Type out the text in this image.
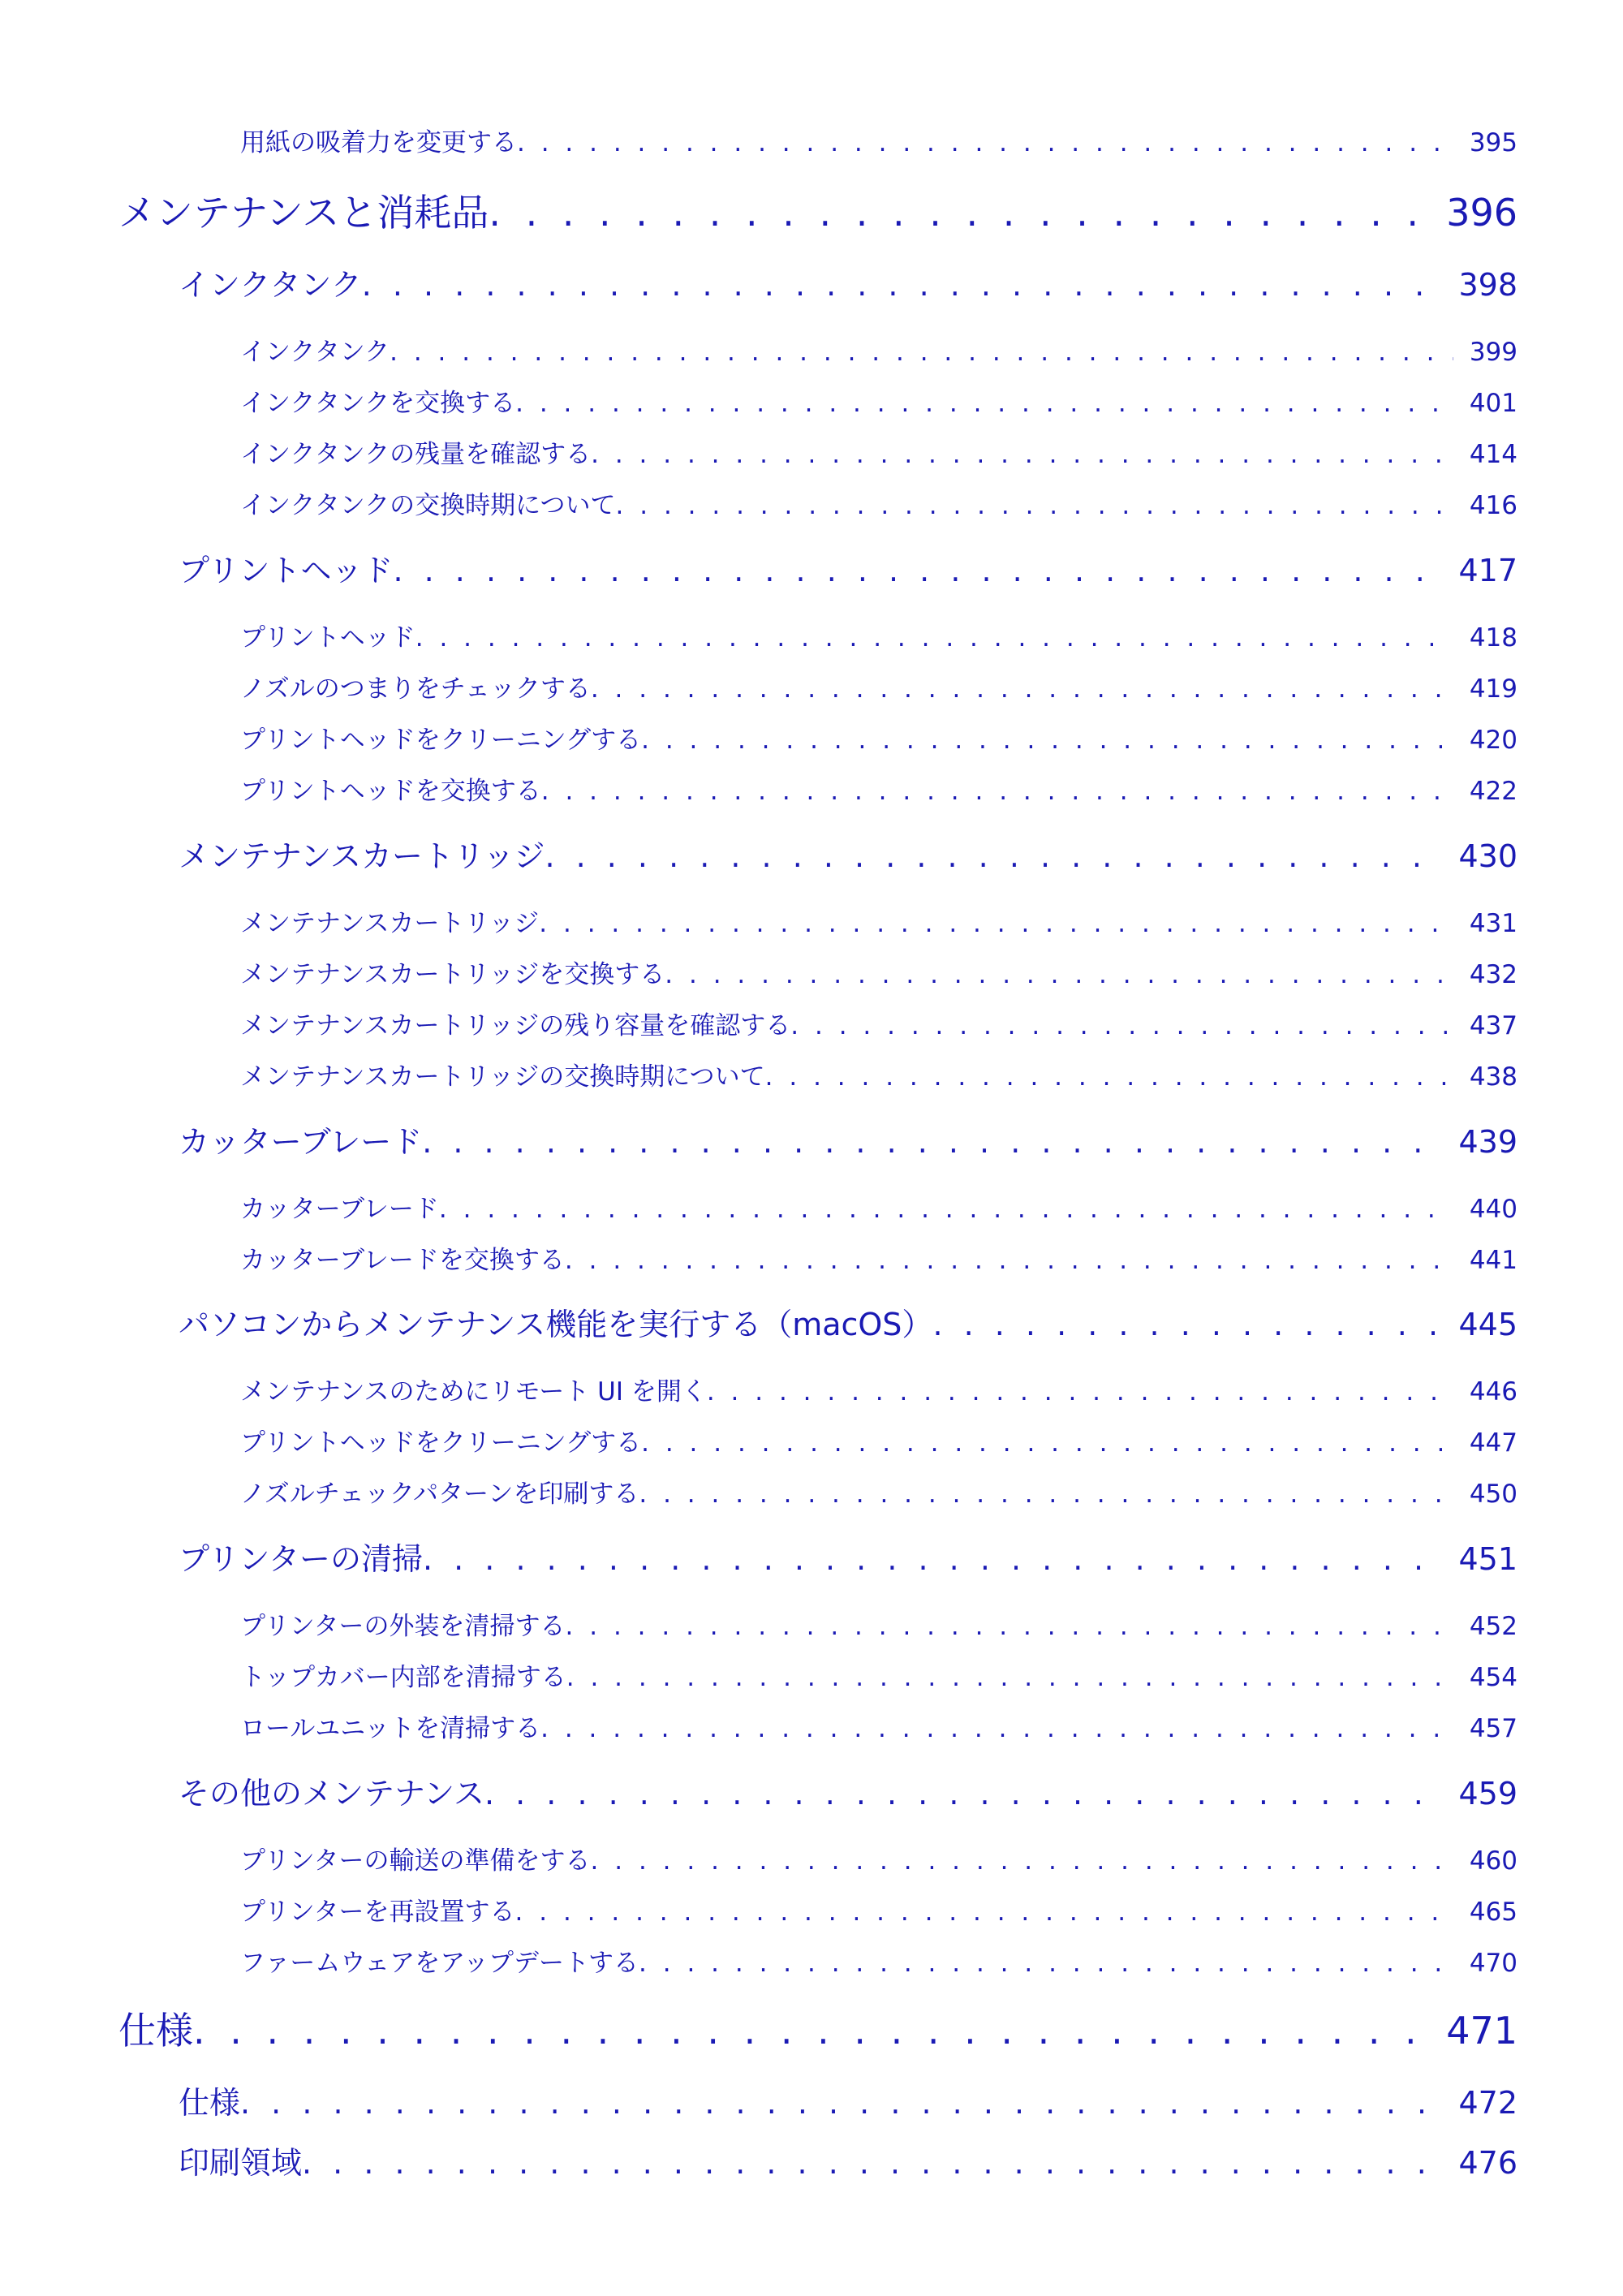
用紙の吸着力を変更する . . .	395
メンテナンスと消耗品 . . .	396
インクタンク . . .	398
インクタンク . . .	399
インクタンクを交換する . . .	401
インクタンクの残量を確認する . . .	414
インクタンクの交換時期について . . .	416
プリントヘッド . . .	417
プリントヘッド . . .	418
ノズルのつまりをチェックする . . .	419
プリントヘッドをクリーニングする . . .	420
プリントヘッドを交換する . . .	422
メンテナンスカートリッジ . . .	430
メンテナンスカートリッジ . . .	431
メンテナンスカートリッジを交換する . . .	432
メンテナンスカートリッジの残り容量を確認する . . .	437
メンテナンスカートリッジの交換時期について . . .	438
カッターブレード . . .	439
カッターブレード . . .	440
カッターブレードを交換する . . .	441
パソコンからメンテナンス機能を実行する（macOS） . . .	445
メンテナンスのためにリモート UI を開く . . .	446
プリントヘッドをクリーニングする . . .	447
ノズルチェックパターンを印刷する . . .	450
プリンターの清掃 . . .	451
プリンターの外装を清掃する . . .	452
トップカバー内部を清掃する . . .	454
ロールユニットを清掃する . . .	457
その他のメンテナンス . . .	459
プリンターの輸送の準備をする . . .	460
プリンターを再設置する . . .	465
ファームウェアをアップデートする . . .	470
仕様 . . .	471
仕様 . . .	472
印刷領域 . . .	476
